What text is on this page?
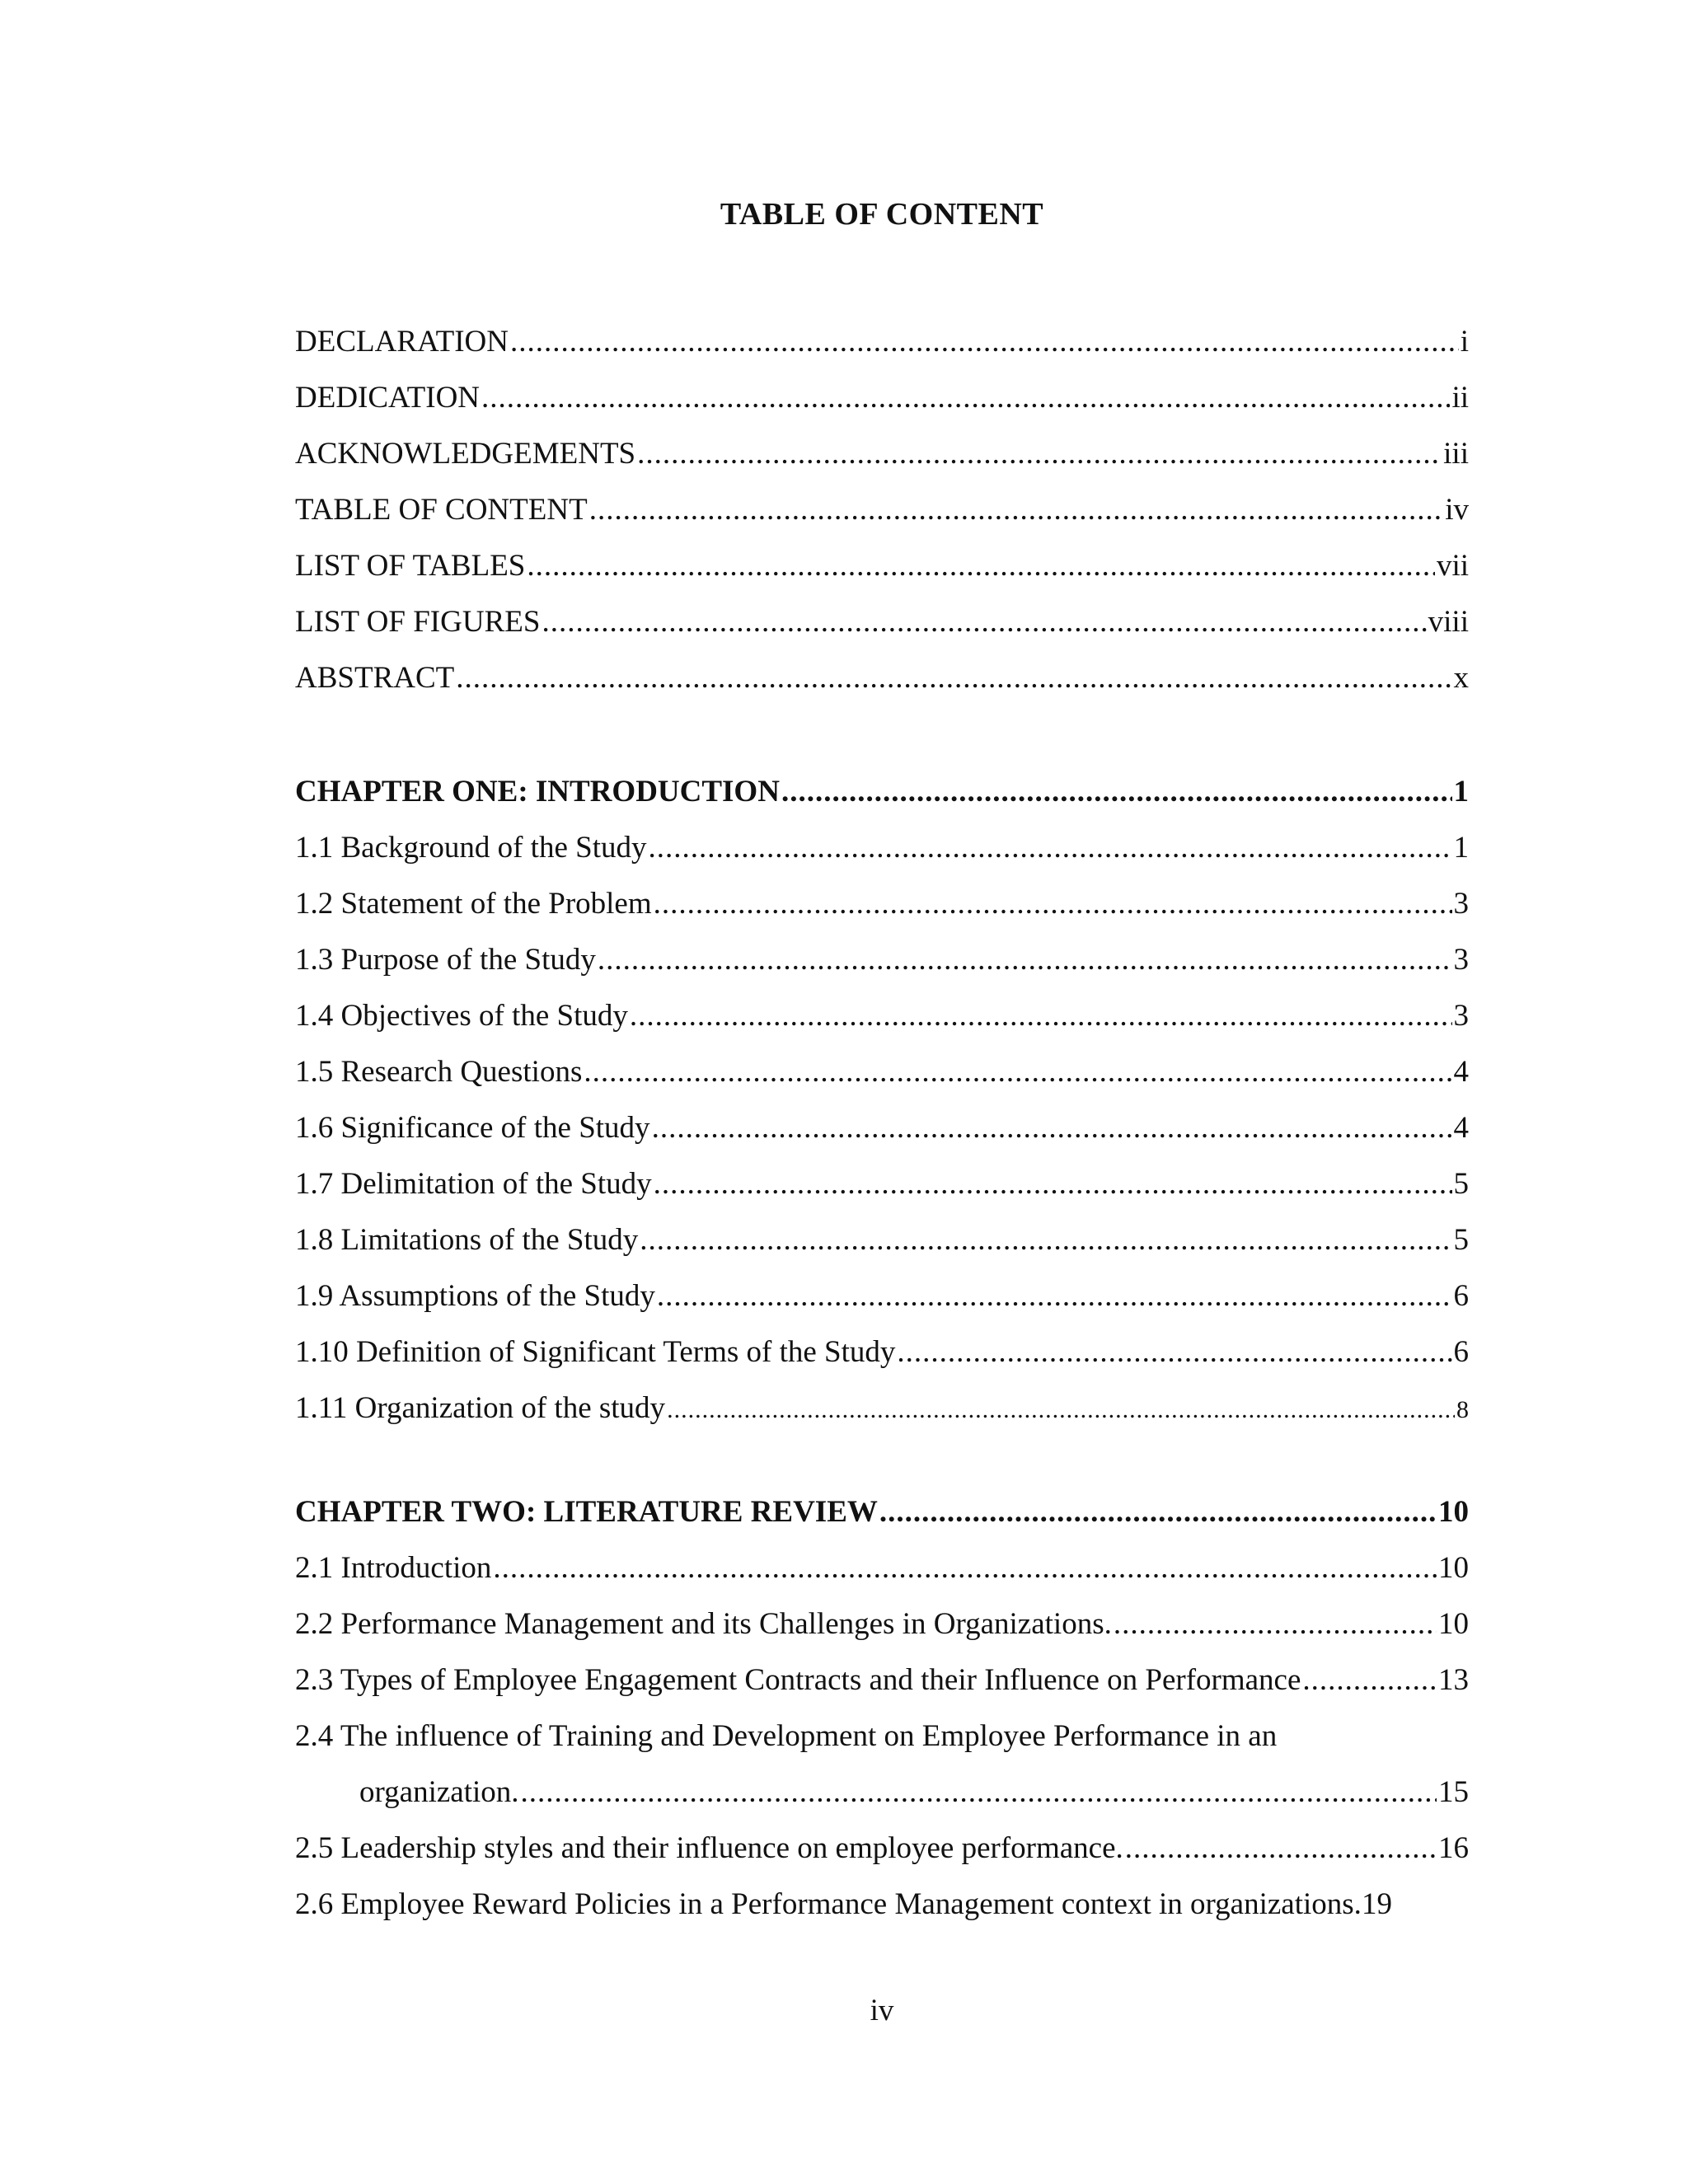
TABLE OF CONTENT
DECLARATION .....	i
DEDICATION .....	ii
ACKNOWLEDGEMENTS .....	iii
TABLE OF CONTENT .....	iv
LIST OF TABLES .....	vii
LIST OF FIGURES .....	viii
ABSTRACT .....	x
CHAPTER ONE: INTRODUCTION .....	1
1.1 Background of the Study .....	1
1.2 Statement of the Problem .....	3
1.3 Purpose of the Study .....	3
1.4 Objectives of the Study .....	3
1.5 Research Questions .....	4
1.6 Significance of the Study .....	4
1.7 Delimitation of the Study .....	5
1.8 Limitations of the Study .....	5
1.9 Assumptions of the Study .....	6
1.10 Definition of Significant Terms of the Study .....	6
1.11 Organization of the study .....	8
CHAPTER TWO: LITERATURE REVIEW .....	10
2.1 Introduction .....	10
2.2 Performance Management and its Challenges in Organizations. .....	10
2.3 Types of Employee Engagement Contracts and their Influence on Performance .....	13
2.4 The influence of Training and Development on Employee Performance in an
organization. .....	15
2.5 Leadership styles and their influence on employee performance. .....	16
2.6 Employee Reward Policies in a Performance Management context in organizations. 19
iv
